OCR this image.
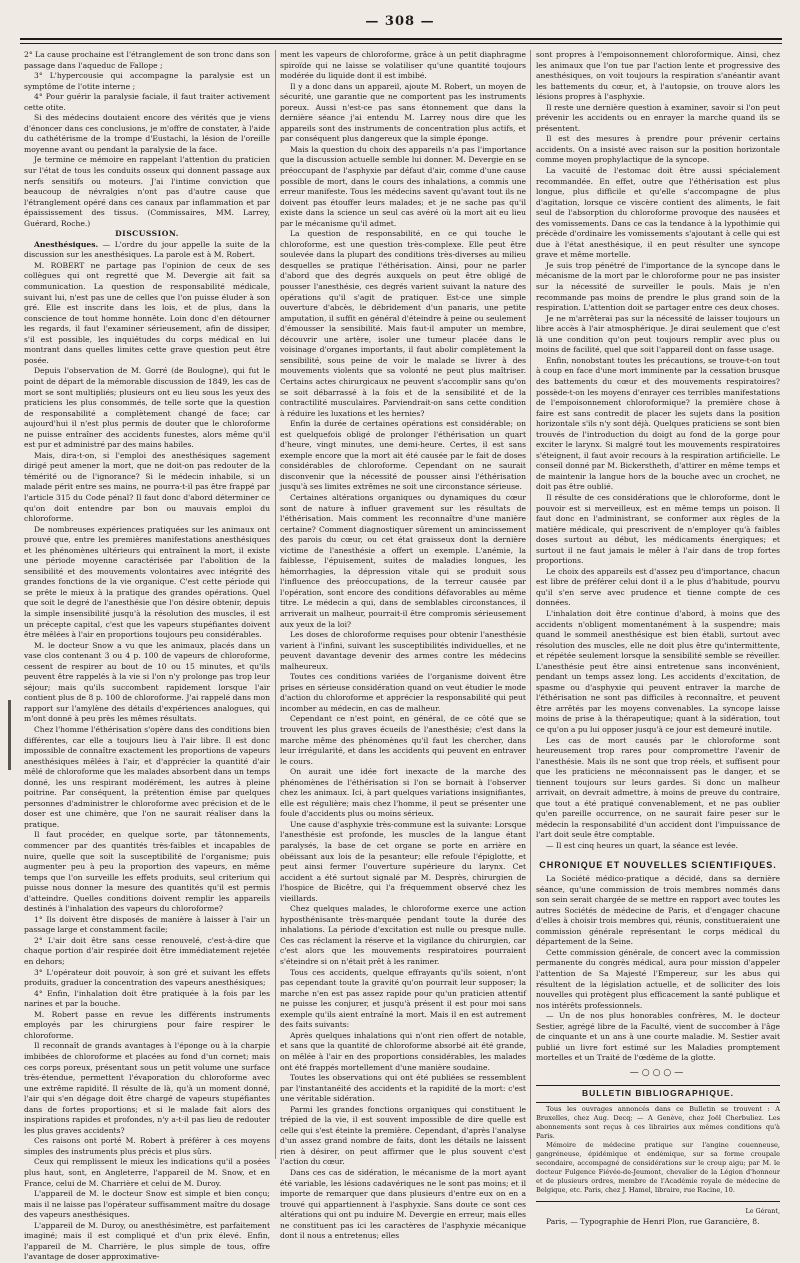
— 308 —

2° La cause prochaine est l'étranglement de son tronc dans son passage dans l'aqueduc de Fallope ;

3° L'hypercousie qui accompagne la paralysie est un symptôme de l'otite interne ;

4° Pour guérir la paralysie faciale, il faut traiter activement cette otite.

Si des médecins doutaient encore des vérités que je viens d'énoncer dans ces conclusions, je m'offre de constater, à l'aide du cathétérisme de la trompe d'Eustachi, la lésion de l'oreille moyenne avant ou pendant la paralysie de la face.

Je termine ce mémoire en rappelant l'attention du praticien sur l'état de tous les conduits osseux qui donnent passage aux nerfs sensitifs ou moteurs. J'ai l'intime conviction que beaucoup de névralgies n'ont pas d'autre cause que l'étranglement opéré dans ces canaux par inflammation et par épaississement des tissus. (Commissaires, MM. Larrey, Guérard, Roche.)

DISCUSSION.

Anesthésiques. — L'ordre du jour appelle la suite de la discussion sur les anesthésiques. La parole est à M. Robert.

M. ROBERT ne partage pas l'opinion de ceux de ses collègues qui ont regretté que M. Devergie ait fait sa communication. La question de responsabilité médicale, suivant lui, n'est pas une de celles que l'on puisse éluder à son gré. Elle est inscrite dans les lois, et de plus, dans la conscience de tout homme honnête. Loin donc d'en détourner les regards, il faut l'examiner sérieusement, afin de dissiper, s'il est possible, les inquiétudes du corps médical en lui montrant dans quelles limites cette grave question peut être posée.

Depuis l'observation de M. Gorré (de Boulogne), qui fut le point de départ de la mémorable discussion de 1849, les cas de mort se sont multipliés; plusieurs ont eu lieu sous les yeux des praticiens les plus consommés, de telle sorte que la question de responsabilité a complètement changé de face; car aujourd'hui il n'est plus permis de douter que le chloroforme ne puisse entraîner des accidents funestes, alors même qu'il est pur et administré par des mains habiles.

Mais, dira-t-on, si l'emploi des anesthésiques sagement dirigé peut amener la mort, que ne doit-on pas redouter de la témérité ou de l'ignorance? Si le médecin inhabile, si un malade périt entre ses mains, ne pourra-t-il pas être frappé par l'article 315 du Code pénal? Il faut donc d'abord déterminer ce qu'on doit entendre par bon ou mauvais emploi du chloroforme.

De nombreuses expériences pratiquées sur les animaux ont prouvé que, entre les premières manifestations anesthésiques et les phénomènes ultérieurs qui entraînent la mort, il existe une période moyenne caractérisée par l'abolition de la sensibilité et des mouvements volontaires avec intégrité des grandes fonctions de la vie organique. C'est cette période qui se prête le mieux à la pratique des grandes opérations. Quel que soit le degré de l'anesthésie que l'on désire obtenir, depuis la simple insensibilité jusqu'à la résolution des muscles, il est un précepte capital, c'est que les vapeurs stupéfiantes doivent être mêlées à l'air en proportions toujours peu considérables.

M. le docteur Snow a vu que les animaux, placés dans un vase clos contenant 3 ou 4 p. 100 de vapeurs de chloroforme, cessent de respirer au bout de 10 ou 15 minutes, et qu'ils peuvent être rappelés à la vie si l'on n'y prolonge pas trop leur séjour; mais qu'ils succombent rapidement lorsque l'air contient plus de 8 p. 100 de chloroforme. J'ai rappelé dans mon rapport sur l'amylène des détails d'expériences analogues, qui m'ont donné à peu près les mêmes résultats.

Chez l'homme l'éthérisation s'opère dans des conditions bien différentes, car elle a toujours lieu à l'air libre. Il est donc impossible de connaître exactement les proportions de vapeurs anesthésiques mêlées à l'air, et d'apprécier la quantité d'air mêlé de chloroforme que les malades absorbent dans un temps donné, les uns respirant modérément, les autres à pleine poitrine. Par conséquent, la prétention émise par quelques personnes d'administrer le chloroforme avec précision et de le doser est une chimère, que l'on ne saurait réaliser dans la pratique.

Il faut procéder, en quelque sorte, par tâtonnements, commencer par des quantités très-faibles et incapables de nuire, quelle que soit la susceptibilité de l'organisme; puis augmenter peu à peu la proportion des vapeurs, en même temps que l'on surveille les effets produits, seul criterium qui puisse nous donner la mesure des quantités qu'il est permis d'atteindre. Quelles conditions doivent remplir les appareils destinés à l'inhalation des vapeurs du chloroforme?

1° Ils doivent être disposés de manière à laisser à l'air un passage large et constamment facile;

2° L'air doit être sans cesse renouvelé, c'est-à-dire que chaque portion d'air respirée doit être immédiatement rejetée en dehors;

3° L'opérateur doit pouvoir, à son gré et suivant les effets produits, graduer la concentration des vapeurs anesthésiques;

4° Enfin, l'inhalation doit être pratiquée à la fois par les narines et par la bouche.

M. Robert passe en revue les différents instruments employés par les chirurgiens pour faire respirer le chloroforme.

Il reconnaît de grands avantages à l'éponge ou à la charpie imbibées de chloroforme et placées au fond d'un cornet; mais ces corps poreux, présentant sous un petit volume une surface très-étendue, permettent l'évaporation du chloroforme avec une extrême rapidité. Il résulte de là, qu'à un moment donné, l'air qui s'en dégage doit être chargé de vapeurs stupéfiantes dans de fortes proportions; et si le malade fait alors des inspirations rapides et profondes, n'y a-t-il pas lieu de redouter les plus graves accidents?

Ces raisons ont porté M. Robert à préférer à ces moyens simples des instruments plus précis et plus sûrs.

Ceux qui remplissent le mieux les indications qu'il a posées plus haut, sont, en Angleterre, l'appareil de M. Snow, et en France, celui de M. Charrière et celui de M. Duroy.

L'appareil de M. le docteur Snow est simple et bien conçu; mais il ne laisse pas l'opérateur suffisamment maître du dosage des vapeurs anesthésiques.

L'appareil de M. Duroy, ou anesthésimètre, est parfaitement imaginé; mais il est compliqué et d'un prix élevé. Enfin, l'appareil de M. Charrière, le plus simple de tous, offre l'avantage de doser approximative-

ment les vapeurs de chloroforme, grâce à un petit diaphragme spiroïde qui ne laisse se volatiliser qu'une quantité toujours modérée du liquide dont il est imbibé.

Il y a donc dans un appareil, ajoute M. Robert, un moyen de sécurité, une garantie que ne comportent pas les instruments poreux. Aussi n'est-ce pas sans étonnement que dans la dernière séance j'ai entendu M. Larrey nous dire que les appareils sont des instruments de concentration plus actifs, et par conséquent plus dangereux que la simple éponge.

Mais la question du choix des appareils n'a pas l'importance que la discussion actuelle semble lui donner. M. Devergie en se préoccupant de l'asphyxie par défaut d'air, comme d'une cause possible de mort, dans le cours des inhalations, a commis une erreur manifeste. Tous les médecins savent qu'avant tout ils ne doivent pas étouffer leurs malades; et je ne sache pas qu'il existe dans la science un seul cas avéré où la mort ait eu lieu par le mécanisme qu'il admet.

La question de responsabilité, en ce qui touche le chloroforme, est une question très-complexe. Elle peut être soulevée dans la plupart des conditions très-diverses au milieu desquelles se pratique l'éthérisation. Ainsi, pour ne parler d'abord que des degrés auxquels on peut être obligé de pousser l'anesthésie, ces degrés varient suivant la nature des opérations qu'il s'agit de pratiquer. Est-ce une simple ouverture d'abcès, le débridement d'un panaris, une petite amputation, il suffit en général d'éteindre à peine ou seulement d'émousser la sensibilité. Mais faut-il amputer un membre, découvrir une artère, isoler une tumeur placée dans le voisinage d'organes importants, il faut abolir complètement la sensibilité, sous peine de voir le malade se livrer à des mouvements violents que sa volonté ne peut plus maîtriser. Certains actes chirurgicaux ne peuvent s'accomplir sans qu'on se soit débarrassé à la fois et de la sensibilité et de la contractilité musculaires. Parviendrait-on sans cette condition à réduire les luxations et les hernies?

Enfin la durée de certaines opérations est considérable; on est quelquefois obligé de prolonger l'éthérisation un quart d'heure, vingt minutes, une demi-heure. Certes, il est sans exemple encore que la mort ait été causée par le fait de doses considérables de chloroforme. Cependant on ne saurait disconvenir que la nécessité de pousser ainsi l'éthérisation jusqu'à ses limites extrêmes ne soit une circonstance sérieuse.

Certaines altérations organiques ou dynamiques du cœur sont de nature à influer gravement sur les résultats de l'éthérisation. Mais comment les reconnaître d'une manière certaine? Comment diagnostiquer sûrement un amincissement des parois du cœur, ou cet état graisseux dont la dernière victime de l'anesthésie a offert un exemple. L'anémie, la faiblesse, l'épuisement, suites de maladies longues, les hémorrhagies, la dépression vitale qui se produit sous l'influence des préoccupations, de la terreur causée par l'opération, sont encore des conditions défavorables au même titre. Le médecin a qui, dans de semblables circonstances, il arriverait un malheur, pourrait-il être compromis sérieusement aux yeux de la loi?

Les doses de chloroforme requises pour obtenir l'anesthésie varient à l'infini, suivant les susceptibilités individuelles, et ne peuvent davantage devenir des armes contre les médecins malheureux.

Toutes ces conditions variées de l'organisme doivent être prises en sérieuse considération quand on veut étudier le mode d'action du chloroforme et apprécier la responsabilité qui peut incomber au médecin, en cas de malheur.

Cependant ce n'est point, en général, de ce côté que se trouvent les plus graves écueils de l'anesthésie; c'est dans la marche même des phénomènes qu'il faut les chercher, dans leur irrégularité, et dans les accidents qui peuvent en entraver le cours.

On aurait une idée fort inexacte de la marche des phénomènes de l'éthérisation si l'on se bornait à l'observer chez les animaux. Ici, à part quelques variations insignifiantes, elle est régulière; mais chez l'homme, il peut se présenter une foule d'accidents plus ou moins sérieux.

Une cause d'asphyxie très-commune est la suivante: Lorsque l'anesthésie est profonde, les muscles de la langue étant paralysés, la base de cet organe se porte en arrière en obéissant aux lois de la pesanteur; elle refoule l'épiglotte, et peut ainsi fermer l'ouverture supérieure du larynx. Cet accident a été surtout signalé par M. Desprès, chirurgien de l'hospice de Bicêtre, qui l'a fréquemment observé chez les vieillards.

Chez quelques malades, le chloroforme exerce une action hyposthénisante très-marquée pendant toute la durée des inhalations. La période d'excitation est nulle ou presque nulle. Ces cas réclament la réserve et la vigilance du chirurgien, car c'est alors que les mouvements respiratoires pourraient s'éteindre si on n'était prêt à les ranimer.

Tous ces accidents, quelque effrayants qu'ils soient, n'ont pas cependant toute la gravité qu'on pourrait leur supposer; la marche n'en est pas assez rapide pour qu'un praticien attentif ne puisse les conjurer, et jusqu'à présent il est pour moi sans exemple qu'ils aient entraîné la mort. Mais il en est autrement des faits suivants:

Après quelques inhalations qui n'ont rien offert de notable, et sans que la quantité de chloroforme absorbé ait été grande, on mêlée à l'air en des proportions considérables, les malades ont été frappés mortellement d'une manière soudaine.

Toutes les observations qui ont été publiées se ressemblent par l'instantanéité des accidents et la rapidité de la mort: c'est une véritable sidération.

Parmi les grandes fonctions organiques qui constituent le trépied de la vie, il est souvent impossible de dire quelle est celle qui s'est éteinte la première. Cependant, d'après l'analyse d'un assez grand nombre de faits, dont les détails ne laissent rien à désirer, on peut affirmer que le plus souvent c'est l'action du cœur.

Dans ces cas de sidération, le mécanisme de la mort ayant été variable, les lésions cadavériques ne le sont pas moins; et il importe de remarquer que dans plusieurs d'entre eux on en a trouvé qui appartiennent à l'asphyxie. Sans doute ce sont ces altérations qui ont pu induire M. Devergie en erreur, mais elles ne constituent pas ici les caractères de l'asphyxie mécanique dont il nous a entretenus; elles

sont propres à l'empoisonnement chloroformique. Ainsi, chez les animaux que l'on tue par l'action lente et progressive des anesthésiques, on voit toujours la respiration s'anéantir avant les battements du cœur, et, à l'autopsie, on trouve alors les lésions propres à l'asphyxie.

Il reste une dernière question à examiner, savoir si l'on peut prévenir les accidents ou en enrayer la marche quand ils se présentent.

Il est des mesures à prendre pour prévenir certains accidents. On a insisté avec raison sur la position horizontale comme moyen prophylactique de la syncope.

La vacuité de l'estomac doit être aussi spécialement recommandée. En effet, outre que l'éthérisation est plus longue, plus difficile et qu'elle s'accompagne de plus d'agitation, lorsque ce viscère contient des aliments, le fait seul de l'absorption du chloroforme provoque des nausées et des vomissements. Dans ce cas la tendance à la lypothimie qui précède d'ordinaire les vomissements s'ajoutant à celle qui est due à l'état anesthésique, il en peut résulter une syncope grave et même mortelle.

Je suis trop pénétré de l'importance de la syncope dans le mécanisme de la mort par le chloroforme pour ne pas insister sur la nécessité de surveiller le pouls. Mais je n'en recommande pas moins de prendre le plus grand soin de la respiration. L'attention doit se partager entre ces deux choses.

Je ne m'arrêterai pas sur la nécessité de laisser toujours un libre accès à l'air atmosphérique. Je dirai seulement que c'est là une condition qu'on peut toujours remplir avec plus ou moins de facilité, quel que soit l'appareil dont on fasse usage.

Enfin, nonobstant toutes les précautions, se trouve-t-on tout à coup en face d'une mort imminente par la cessation brusque des battements du cœur et des mouvements respiratoires? possède-t-on les moyens d'enrayer ces terribles manifestations de l'empoisonnement chloroformique? la première chose à faire est sans contredit de placer les sujets dans la position horizontale s'ils n'y sont déjà. Quelques praticiens se sont bien trouvés de l'introduction du doigt au fond de la gorge pour exciter le larynx. Si malgré tout les mouvements respiratoires s'éteignent, il faut avoir recours à la respiration artificielle. Le conseil donné par M. Bickerstheth, d'attirer en même temps et de maintenir la langue hors de la bouche avec un crochet, ne doit pas être oublié.

Il résulte de ces considérations que le chloroforme, dont le pouvoir est si merveilleux, est en même temps un poison. Il faut donc en l'administrant, se conformer aux règles de la matière médicale, qui prescrivent de n'employer qu'à faibles doses surtout au début, les médicaments énergiques; et surtout il ne faut jamais le mêler à l'air dans de trop fortes proportions.

Le choix des appareils est d'assez peu d'importance, chacun est libre de préférer celui dont il a le plus d'habitude, pourvu qu'il s'en serve avec prudence et tienne compte de ces données.

L'inhalation doit être continue d'abord, à moins que des accidents n'obligent momentanément à la suspendre; mais quand le sommeil anesthésique est bien établi, surtout avec résolution des muscles, elle ne doit plus être qu'intermittente, et répétée seulement lorsque la sensibilité semble se réveiller. L'anesthésie peut être ainsi entretenue sans inconvénient, pendant un temps assez long. Les accidents d'excitation, de spasme ou d'asphyxie qui peuvent entraver la marche de l'éthérisation ne sont pas difficiles à reconnaître, et peuvent être arrêtés par les moyens convenables. La syncope laisse moins de prise à la thérapeutique; quant à la sidération, tout ce qu'on a pu lui opposer jusqu'à ce jour est demeuré inutile.

Les cas de mort causés par le chloroforme sont heureusement trop rares pour compromettre l'avenir de l'anesthésie. Mais ils ne sont que trop réels, et suffisent pour que les praticiens ne méconnaissent pas le danger, et se tiennent toujours sur leurs gardes. Si donc un malheur arrivait, on devrait admettre, à moins de preuve du contraire, que tout a été pratiqué convenablement, et ne pas oublier qu'en pareille occurrence, on ne saurait faire peser sur le médecin la responsabilité d'un accident dont l'impuissance de l'art doit seule être comptable.

— Il est cinq heures un quart, la séance est levée.

CHRONIQUE ET NOUVELLES SCIENTIFIQUES.

La Société médico-pratique a décidé, dans sa dernière séance, qu'une commission de trois membres nommés dans son sein serait chargée de se mettre en rapport avec toutes les autres Sociétés de médecine de Paris, et d'engager chacune d'elles à choisir trois membres qui, réunis, constitueraient une commission générale représentant le corps médical du département de la Seine.

Cette commission générale, de concert avec la commission permanente du congrès médical, aura pour mission d'appeler l'attention de Sa Majesté l'Empereur, sur les abus qui résultent de la législation actuelle, et de solliciter des lois nouvelles qui protègent plus efficacement la santé publique et nos intérêts professionnels.

— Un de nos plus honorables confrères, M. le docteur Sestier, agrégé libre de la Faculté, vient de succomber à l'âge de cinquante et un ans à une courte maladie. M. Sestier avait publié un livre fort estimé sur les Maladies promptement mortelles et un Traité de l'œdème de la glotte.

—○○○—
BULLETIN BIBLIOGRAPHIQUE.

Tous les ouvrages annoncés dans ce Bulletin se trouvent : A Bruxelles, chez Aug. Decq; — A Genève, chez Joël Cherbuliez. Les abonnements sont reçus à ces librairies aux mêmes conditions qu'à Paris.

Mémoire de médecine pratique sur l'angine couenneuse, gangréneuse, épidémique et endémique, sur sa forme croupale secondaire, accompagné de considérations sur le croup aigu; par M. le docteur Fulgence Fiévée-de-Jeumont, chevalier de la Légion d'honneur et de plusieurs ordres, membre de l'Académie royale de médecine de Belgique, etc. Paris, chez J. Hamel, libraire, rue Racine, 10.

Le Gérant,

Paris, — Typographie de Henri Plon, rue Garancière, 8.
